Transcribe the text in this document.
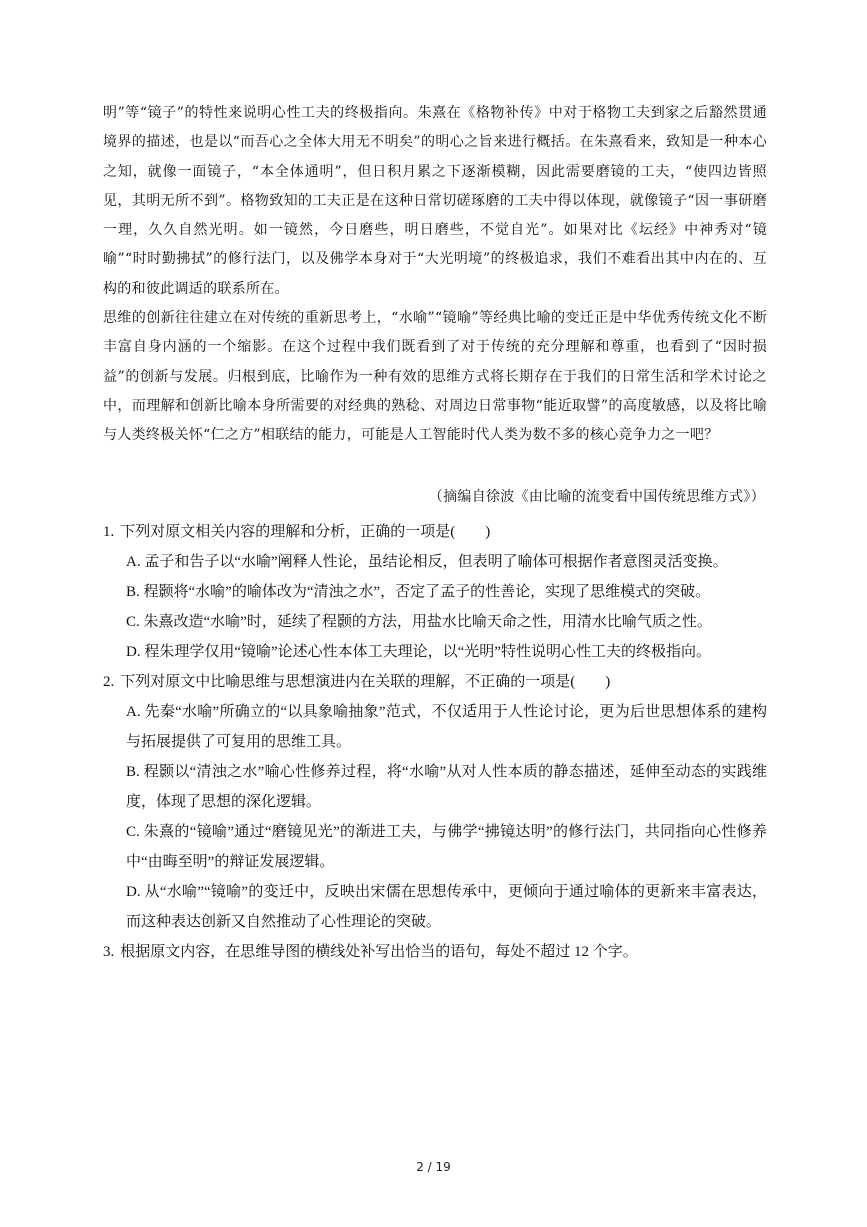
明”等“镜子”的特性来说明心性工夫的终极指向。朱熹在《格物补传》中对于格物工夫到家之后豁然贯通境界的描述，也是以“而吾心之全体大用无不明矣”的明心之旨来进行概括。在朱熹看来，致知是一种本心之知，就像一面镜子，“本全体通明”，但日积月累之下逐渐模糊，因此需要磨镜的工夫，“使四边皆照见，其明无所不到”。格物致知的工夫正是在这种日常切磋琢磨的工夫中得以体现，就像镜子“因一事研磨一理，久久自然光明。如一镜然，今日磨些，明日磨些，不觉自光”。如果对比《坛经》中神秀对“镜喻”“时时勤拂拭”的修行法门，以及佛学本身对于“大光明境”的终极追求，我们不难看出其中内在的、互构的和彼此调适的联系所在。

思维的创新往往建立在对传统的重新思考上，“水喻”“镜喻”等经典比喻的变迁正是中华优秀传统文化不断丰富自身内涵的一个缩影。在这个过程中我们既看到了对于传统的充分理解和尊重，也看到了“因时损益”的创新与发展。归根到底，比喻作为一种有效的思维方式将长期存在于我们的日常生活和学术讨论之中，而理解和创新比喻本身所需要的对经典的熟稔、对周边日常事物“能近取譬”的高度敏感，以及将比喻与人类终极关怀“仁之方”相联结的能力，可能是人工智能时代人类为数不多的核心竞争力之一吧？

（摘编自徐波《由比喻的流变看中国传统思维方式》）
1. 下列对原文相关内容的理解和分析，正确的一项是(　　)
A. 孟子和告子以“水喻”阐释人性论，虽结论相反，但表明了喻体可根据作者意图灵活变换。
B. 程颢将“水喻”的喻体改为“清浊之水”，否定了孟子的性善论，实现了思维模式的突破。
C. 朱熹改造“水喻”时，延续了程颢的方法，用盐水比喻天命之性，用清水比喻气质之性。
D. 程朱理学仅用“镜喻”论述心性本体工夫理论，以“光明”特性说明心性工夫的终极指向。
2. 下列对原文中比喻思维与思想演进内在关联的理解，不正确的一项是(　　)
A. 先秦“水喻”所确立的“以具象喻抽象”范式，不仅适用于人性论讨论，更为后世思想体系的建构与拓展提供了可复用的思维工具。
B. 程颢以“清浊之水”喻心性修养过程，将“水喻”从对人性本质的静态描述，延伸至动态的实践维度，体现了思想的深化逻辑。
C. 朱熹的“镜喻”通过“磨镜见光”的渐进工夫，与佛学“拂镜达明”的修行法门，共同指向心性修养中“由晦至明”的辩证发展逻辑。
D. 从“水喻”“镜喻”的变迁中，反映出宋儒在思想传承中，更倾向于通过喻体的更新来丰富表达，而这种表达创新又自然推动了心性理论的突破。
3. 根据原文内容，在思维导图的横线处补写出恰当的语句，每处不超过 12 个字。
2 / 19
